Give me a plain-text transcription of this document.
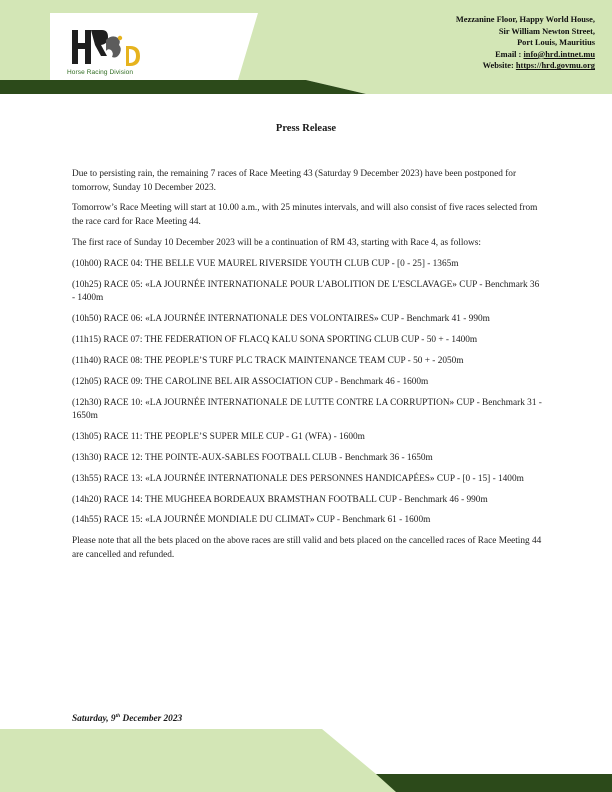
Horse Racing Division
Mezzanine Floor, Happy World House,
Sir William Newton Street,
Port Louis, Mauritius
Email : info@hrd.intnet.mu
Website: https://hrd.govmu.org
Press Release

Due to persisting rain, the remaining 7 races of Race Meeting 43 (Saturday 9 December 2023) have been postponed for tomorrow, Sunday 10 December 2023.

Tomorrow’s Race Meeting will start at 10.00 a.m., with 25 minutes intervals, and will also consist of five races selected from the race card for Race Meeting 44.

The first race of Sunday 10 December 2023 will be a continuation of RM 43, starting with Race 4, as follows:

(10h00) RACE 04: THE BELLE VUE MAUREL RIVERSIDE YOUTH CLUB CUP - [0 - 25] - 1365m

(10h25) RACE 05: «LA JOURNÉE INTERNATIONALE POUR L'ABOLITION DE L'ESCLAVAGE» CUP - Benchmark 36 - 1400m

(10h50) RACE 06: «LA JOURNÉE INTERNATIONALE DES VOLONTAIRES» CUP - Benchmark 41 - 990m

(11h15) RACE 07: THE FEDERATION OF FLACQ KALU SONA SPORTING CLUB CUP - 50 + - 1400m

(11h40) RACE 08: THE PEOPLE’S TURF PLC TRACK MAINTENANCE TEAM CUP - 50 + - 2050m

(12h05) RACE 09: THE CAROLINE BEL AIR ASSOCIATION CUP - Benchmark 46 - 1600m

(12h30) RACE 10: «LA JOURNÉE INTERNATIONALE DE LUTTE CONTRE LA CORRUPTION» CUP - Benchmark 31 - 1650m

(13h05) RACE 11: THE PEOPLE’S SUPER MILE CUP - G1 (WFA) - 1600m

(13h30) RACE 12: THE POINTE-AUX-SABLES FOOTBALL CLUB - Benchmark 36 - 1650m

(13h55) RACE 13: «LA JOURNÉE INTERNATIONALE DES PERSONNES HANDICAPÉES» CUP - [0 - 15] - 1400m

(14h20) RACE 14: THE MUGHEEA BORDEAUX BRAMSTHAN FOOTBALL CUP - Benchmark 46 - 990m

(14h55) RACE 15: «LA JOURNÉE MONDIALE DU CLIMAT» CUP - Benchmark 61 - 1600m

Please note that all the bets placed on the above races are still valid and bets placed on the cancelled races of Race Meeting 44 are cancelled and refunded.

Saturday, 9th December 2023
